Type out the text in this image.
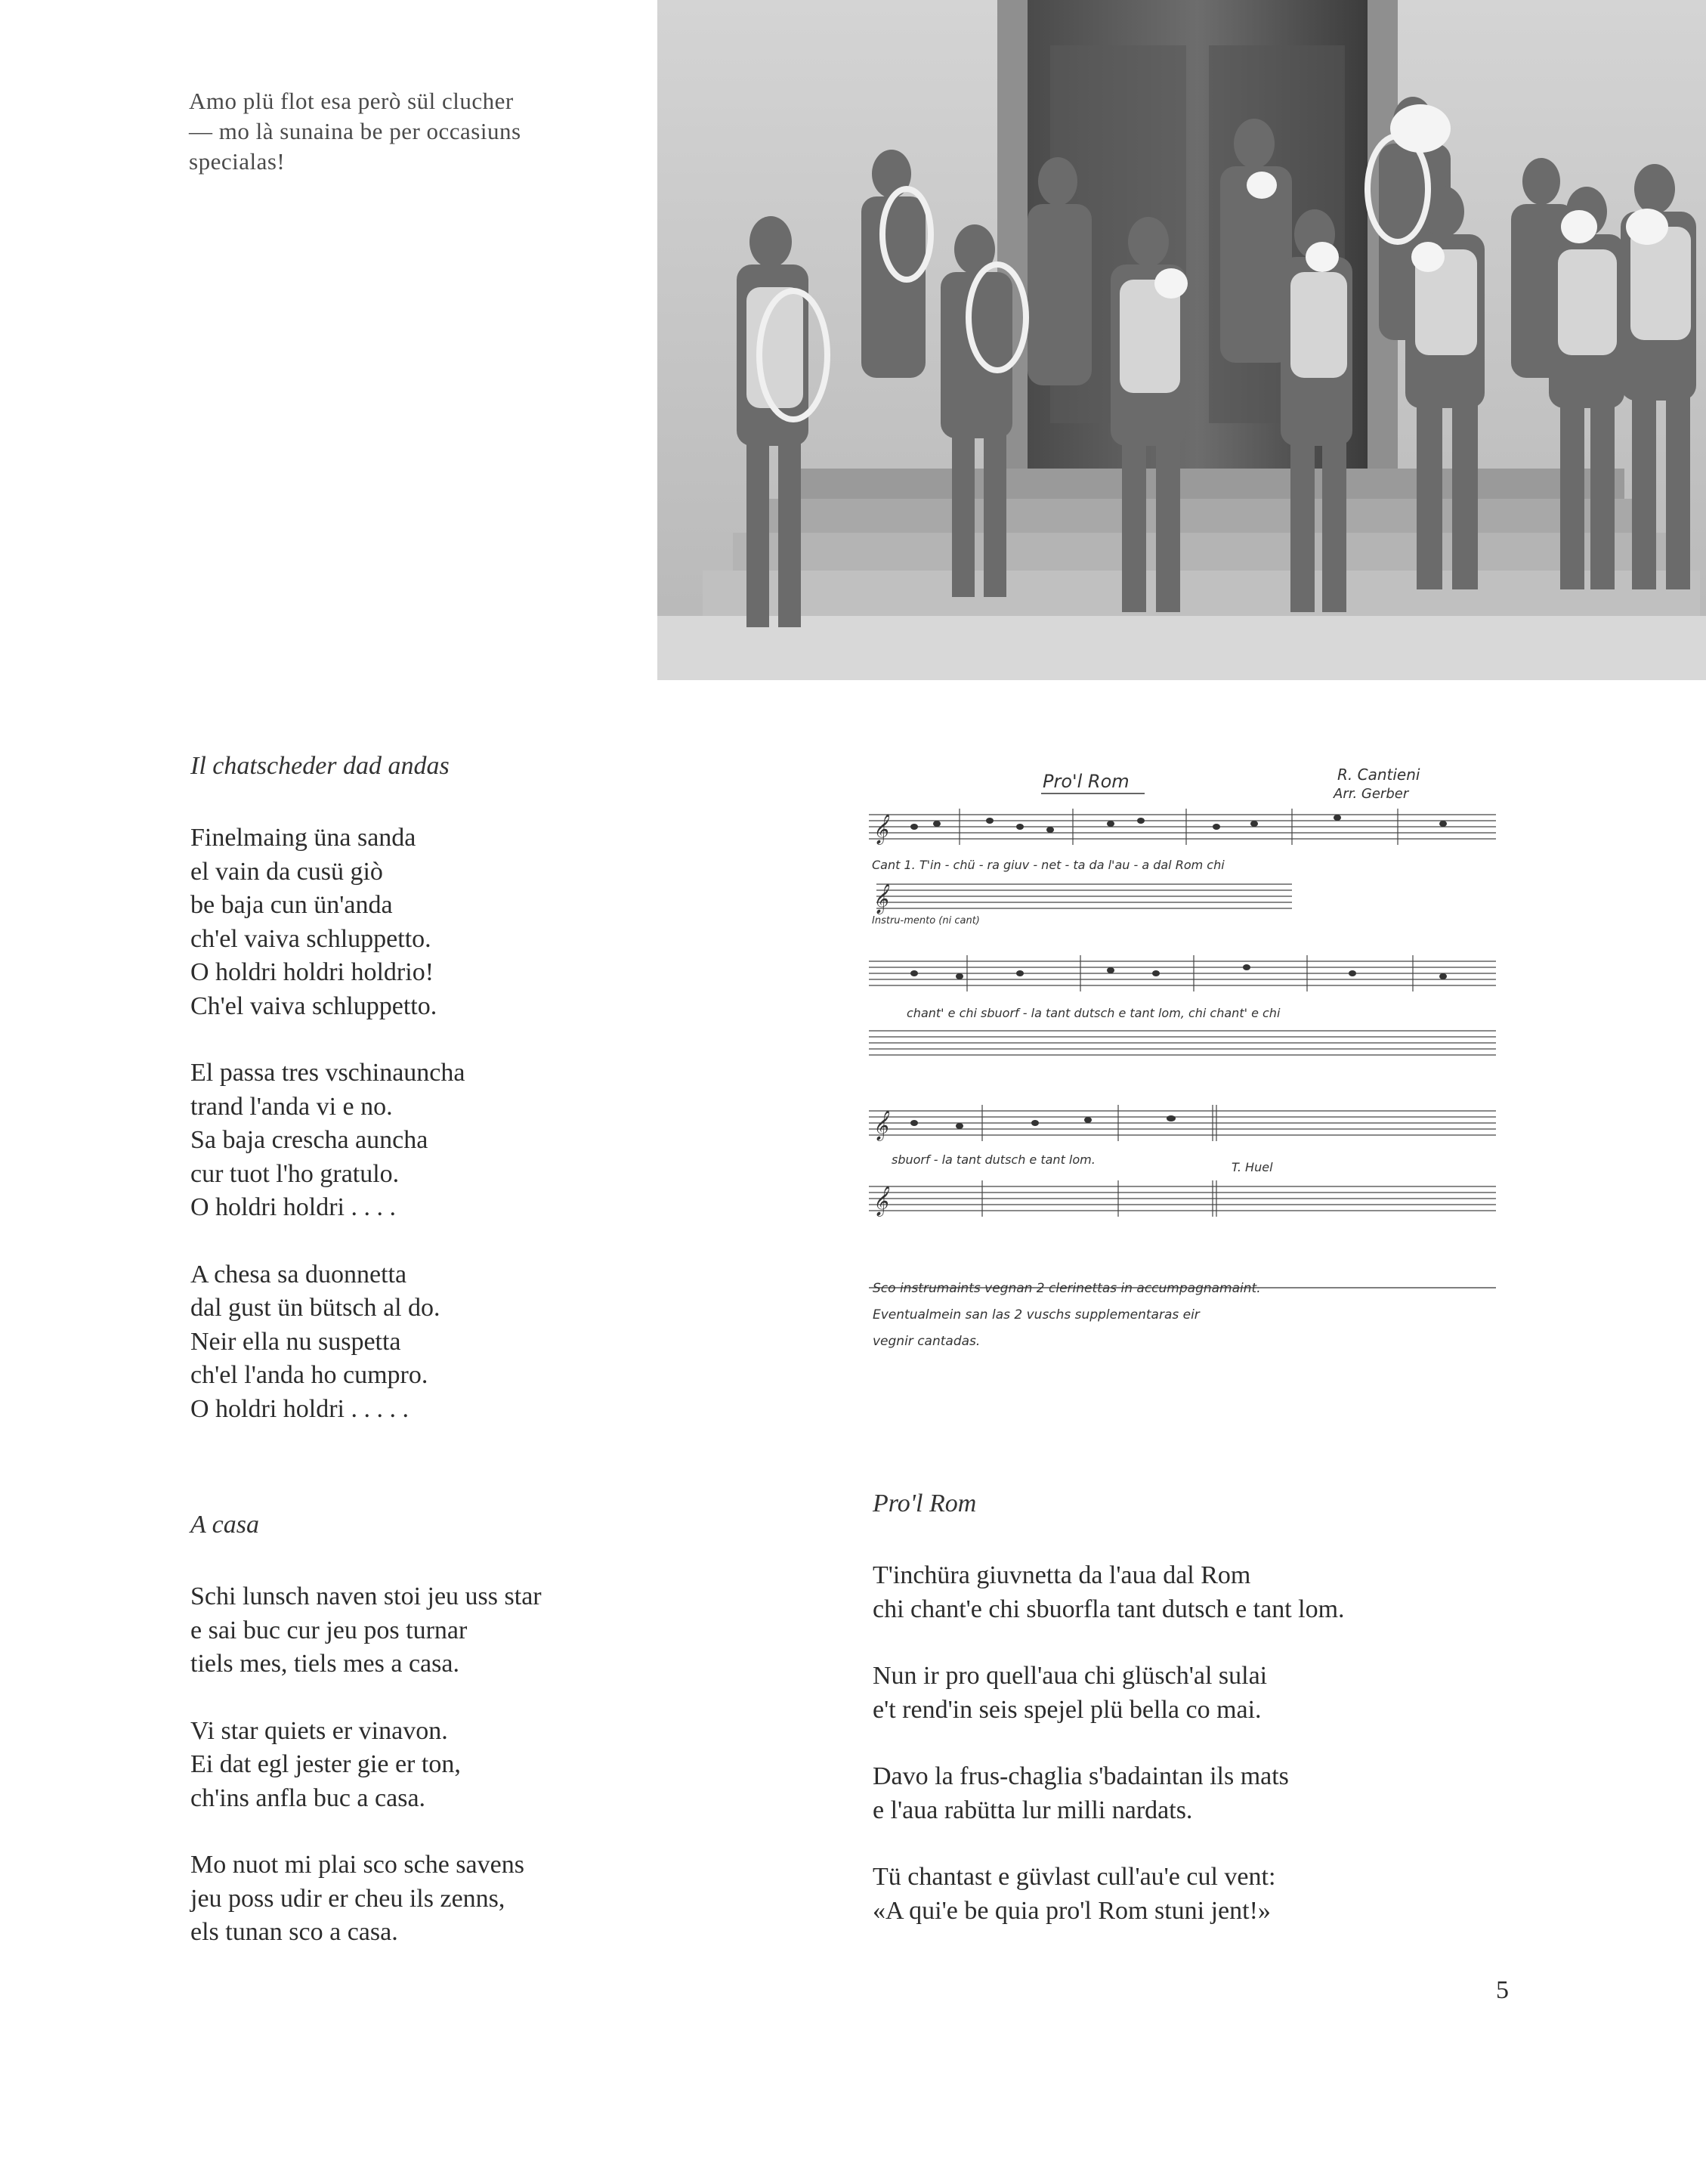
Amo plü flot esa però sül clucher
— mo là sunaina be per occasiuns
specialas!
Il chatscheder dad andas
Finelmaing üna sanda
el vain da cusü giò
be baja cun ün'anda
ch'el vaiva schluppetto.
O holdri holdri holdrio!
Ch'el vaiva schluppetto.
El passa tres vschinauncha
trand l'anda vi e no.
Sa baja crescha auncha
cur tuot l'ho gratulo.
O holdri holdri . . . .
A chesa sa duonnetta
dal gust ün bütsch al do.
Neir ella nu suspetta
ch'el l'anda ho cumpro.
O holdri holdri . . . . .
A casa
Schi lunsch naven stoi jeu uss star
e sai buc cur jeu pos turnar
tiels mes, tiels mes a casa.
Vi star quiets er vinavon.
Ei dat egl jester gie er ton,
ch'ins anfla buc a casa.
Mo nuot mi plai sco sche savens
jeu poss udir er cheu ils zenns,
els tunan sco a casa.
Pro'l Rom
T'inchüra giuvnetta da l'aua dal Rom
chi chant'e chi sbuorfla tant dutsch e tant lom.
Nun ir pro quell'aua chi glüsch'al sulai
e't rend'in seis spejel plü bella co mai.
Davo la frus-chaglia s'badaintan ils mats
e l'aua rabütta lur milli nardats.
Tü chantast e güvlast cull'au'e cul vent:
«A qui'e be quia pro'l Rom stuni jent!»
Pro'l Rom	R. Cantieni
Arr. Gerber
𝄞
𝄞
Cant 1. T'in - chü - ra giuv - net - ta da l'au - a dal Rom chi
Instru-mento (ni cant)
chant' e chi sbuorf - la tant dutsch e tant lom, chi chant' e chi
𝄞
𝄞
sbuorf - la tant dutsch e tant lom.
T. Huel
Sco instrumaints vegnan 2 clerinettas in accumpagnamaint.
Eventualmein san las 2 vuschs supplementaras eir
vegnir cantadas.
5
